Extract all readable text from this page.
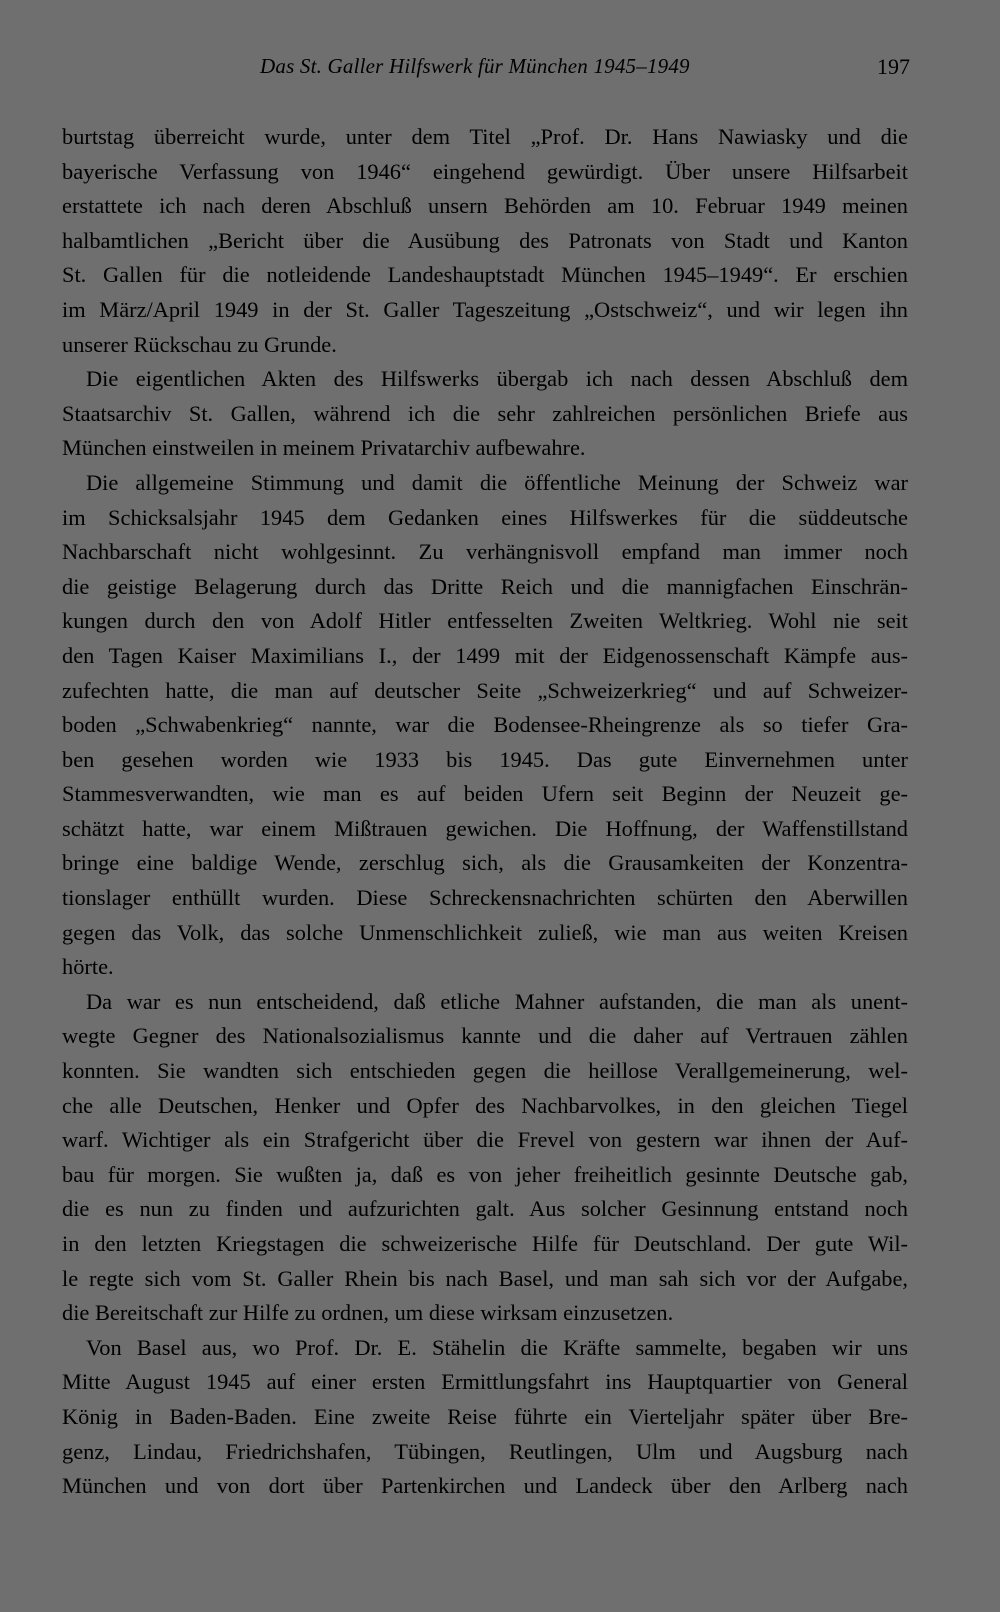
Das St. Galler Hilfswerk für München 1945–1949	197
burtstag überreicht wurde, unter dem Titel „Prof. Dr. Hans Nawiasky und die
bayerische Verfassung von 1946“ eingehend gewürdigt. Über unsere Hilfsarbeit
erstattete ich nach deren Abschluß unsern Behörden am 10. Februar 1949 meinen
halbamtlichen „Bericht über die Ausübung des Patronats von Stadt und Kanton
St. Gallen für die notleidende Landeshauptstadt München 1945–1949“. Er erschien
im März/April 1949 in der St. Galler Tageszeitung „Ostschweiz“, und wir legen ihn
unserer Rückschau zu Grunde.
Die eigentlichen Akten des Hilfswerks übergab ich nach dessen Abschluß dem
Staatsarchiv St. Gallen, während ich die sehr zahlreichen persönlichen Briefe aus
München einstweilen in meinem Privatarchiv aufbewahre.
Die allgemeine Stimmung und damit die öffentliche Meinung der Schweiz war
im Schicksalsjahr 1945 dem Gedanken eines Hilfswerkes für die süddeutsche
Nachbarschaft nicht wohlgesinnt. Zu verhängnisvoll empfand man immer noch
die geistige Belagerung durch das Dritte Reich und die mannigfachen Einschrän-
kungen durch den von Adolf Hitler entfesselten Zweiten Weltkrieg. Wohl nie seit
den Tagen Kaiser Maximilians I., der 1499 mit der Eidgenossenschaft Kämpfe aus-
zufechten hatte, die man auf deutscher Seite „Schweizerkrieg“ und auf Schweizer-
boden „Schwabenkrieg“ nannte, war die Bodensee-Rheingrenze als so tiefer Gra-
ben gesehen worden wie 1933 bis 1945. Das gute Einvernehmen unter
Stammesverwandten, wie man es auf beiden Ufern seit Beginn der Neuzeit ge-
schätzt hatte, war einem Mißtrauen gewichen. Die Hoffnung, der Waffenstillstand
bringe eine baldige Wende, zerschlug sich, als die Grausamkeiten der Konzentra-
tionslager enthüllt wurden. Diese Schreckensnachrichten schürten den Aberwillen
gegen das Volk, das solche Unmenschlichkeit zuließ, wie man aus weiten Kreisen
hörte.
Da war es nun entscheidend, daß etliche Mahner aufstanden, die man als unent-
wegte Gegner des Nationalsozialismus kannte und die daher auf Vertrauen zählen
konnten. Sie wandten sich entschieden gegen die heillose Verallgemeinerung, wel-
che alle Deutschen, Henker und Opfer des Nachbarvolkes, in den gleichen Tiegel
warf. Wichtiger als ein Strafgericht über die Frevel von gestern war ihnen der Auf-
bau für morgen. Sie wußten ja, daß es von jeher freiheitlich gesinnte Deutsche gab,
die es nun zu finden und aufzurichten galt. Aus solcher Gesinnung entstand noch
in den letzten Kriegstagen die schweizerische Hilfe für Deutschland. Der gute Wil-
le regte sich vom St. Galler Rhein bis nach Basel, und man sah sich vor der Aufgabe,
die Bereitschaft zur Hilfe zu ordnen, um diese wirksam einzusetzen.
Von Basel aus, wo Prof. Dr. E. Stähelin die Kräfte sammelte, begaben wir uns
Mitte August 1945 auf einer ersten Ermittlungsfahrt ins Hauptquartier von General
König in Baden-Baden. Eine zweite Reise führte ein Vierteljahr später über Bre-
genz, Lindau, Friedrichshafen, Tübingen, Reutlingen, Ulm und Augsburg nach
München und von dort über Partenkirchen und Landeck über den Arlberg nach
